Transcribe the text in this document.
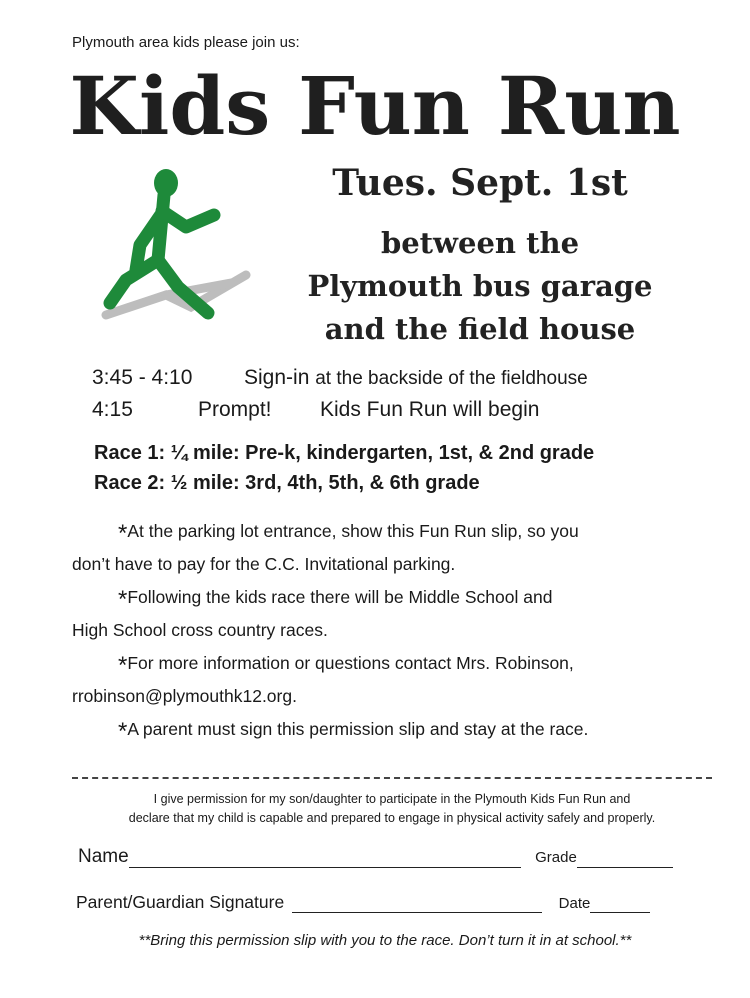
Plymouth area kids please join us:
Kids Fun Run
Tues. Sept. 1st
between the
Plymouth bus garage
and the field house
3:45 - 4:10 Sign-in at the backside of the fieldhouse
4:15	Prompt! Kids Fun Run will begin
Race 1: ¼ mile: Pre-k, kindergarten, 1st, & 2nd grade
Race 2: ½ mile: 3rd, 4th, 5th, & 6th grade
*At the parking lot entrance, show this Fun Run slip, so you
don’t have to pay for the C.C. Invitational parking.
*Following the kids race there will be Middle School and
High School cross country races.
*For more information or questions contact Mrs. Robinson,
rrobinson@plymouthk12.org.
*A parent must sign this permission slip and stay at the race.
I give permission for my son/daughter to participate in the Plymouth Kids Fun Run and
declare that my child is capable and prepared to engage in physical activity safely and properly.
Name	Grade
Parent/Guardian Signature	Date
**Bring this permission slip with you to the race. Don’t turn it in at school.**
